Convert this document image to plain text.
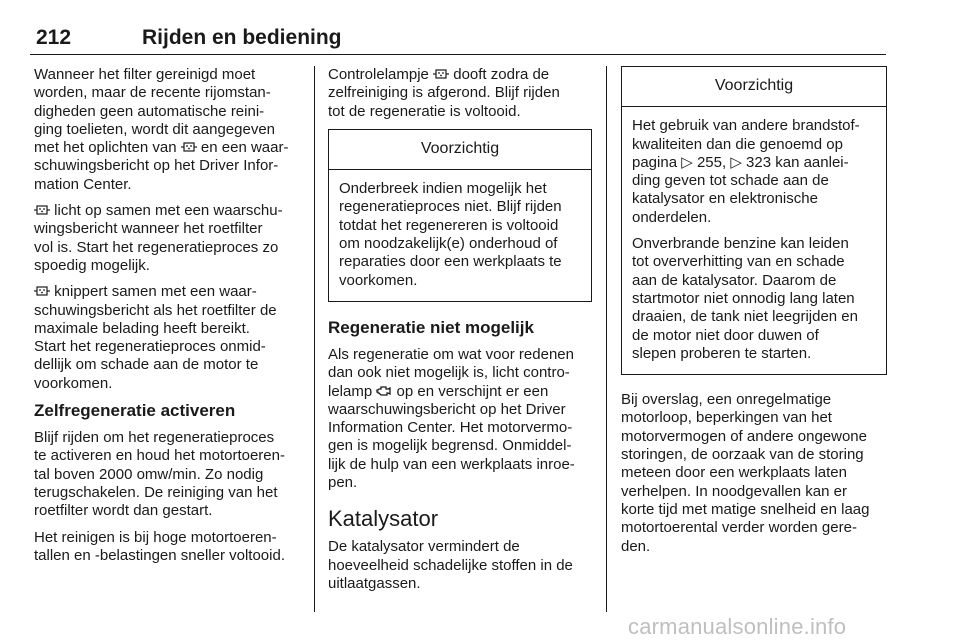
212	Rijden en bediening

Wanneer het filter gereinigd moet
worden, maar de recente rijomstan-
digheden geen automatische reini-
ging toelieten, wordt dit aangegeven
met het oplichten van
en een waar-
schuwingsbericht op het Driver Infor-
mation Center.

licht op samen met een waarschu-
wingsbericht wanneer het roetfilter
vol is. Start het regeneratieproces zo
spoedig mogelijk.

knippert samen met een waar-
schuwingsbericht als het roetfilter de
maximale belading heeft bereikt.
Start het regeneratieproces onmid-
dellijk om schade aan de motor te
voorkomen.

Zelfregeneratie activeren

Blijf rijden om het regeneratieproces
te activeren en houd het motortoeren-
tal boven 2000 omw/min. Zo nodig
terugschakelen. De reiniging van het
roetfilter wordt dan gestart.

Het reinigen is bij hoge motortoeren-
tallen en -belastingen sneller voltooid.

Controlelampje
dooft zodra de
zelfreiniging is afgerond. Blijf rijden
tot de regeneratie is voltooid.

Voorzichtig

Onderbreek indien mogelijk het
regeneratieproces niet. Blijf rijden
totdat het regenereren is voltooid
om noodzakelijk(e) onderhoud of
reparaties door een werkplaats te
voorkomen.

Regeneratie niet mogelijk

Als regeneratie om wat voor redenen
dan ook niet mogelijk is, licht contro-
lelamp
op en verschijnt er een
waarschuwingsbericht op het Driver
Information Center. Het motorvermo-
gen is mogelijk begrensd. Onmiddel-
lijk de hulp van een werkplaats inroe-
pen.

Katalysator

De katalysator vermindert de
hoeveelheid schadelijke stoffen in de
uitlaatgassen.

Voorzichtig

Het gebruik van andere brandstof-
kwaliteiten dan die genoemd op
pagina ▷ 255, ▷ 323 kan aanlei-
ding geven tot schade aan de
katalysator en elektronische
onderdelen.

Onverbrande benzine kan leiden
tot oververhitting van en schade
aan de katalysator. Daarom de
startmotor niet onnodig lang laten
draaien, de tank niet leegrijden en
de motor niet door duwen of
slepen proberen te starten.

Bij overslag, een onregelmatige
motorloop, beperkingen van het
motorvermogen of andere ongewone
storingen, de oorzaak van de storing
meteen door een werkplaats laten
verhelpen. In noodgevallen kan er
korte tijd met matige snelheid en laag
motortoerental verder worden gere-
den.

carmanualsonline.info
